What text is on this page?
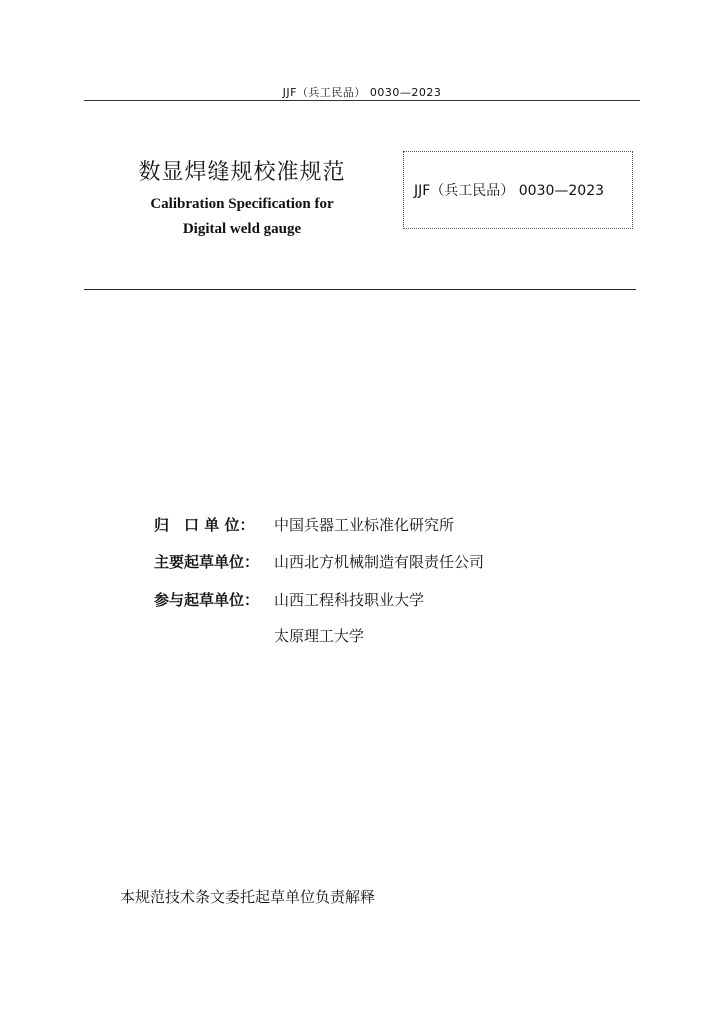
JJF（兵工民品） 0030—2023
数显焊缝规校准规范
Calibration Specification for
Digital weld gauge
JJF（兵工民品） 0030—2023
归　口 单 位：	中国兵器工业标准化研究所
主要起草单位： 山西北方机械制造有限责任公司
参与起草单位： 山西工程科技职业大学
太原理工大学
本规范技术条文委托起草单位负责解释
